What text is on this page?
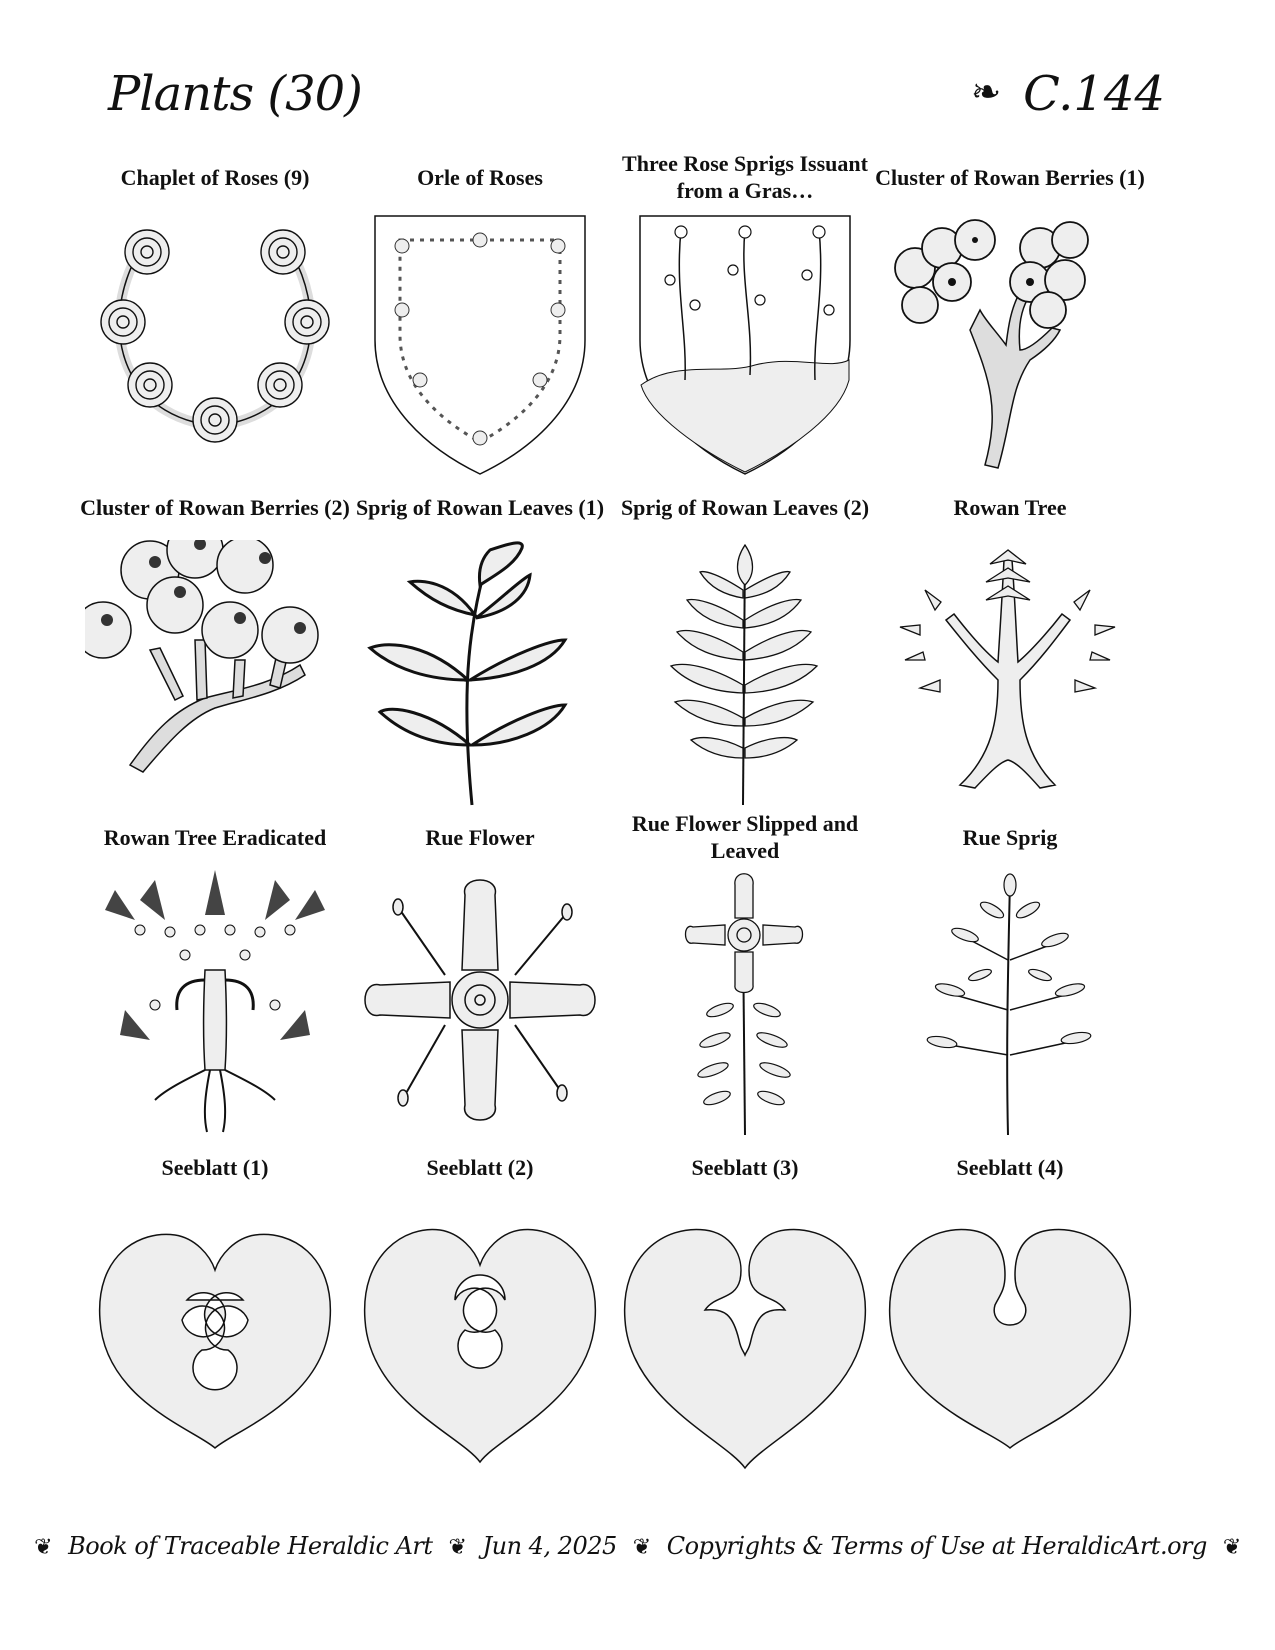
Plants (30)	❧ C.144
Chaplet of Roses (9)	Orle of Roses
Three Rose Sprigs Issuant from a Gras…
Cluster of Rowan Berries (1)
Cluster of Rowan Berries (2) Sprig of Rowan Leaves (1) Sprig of Rowan Leaves (2)	Rowan Tree
Rowan Tree Eradicated	Rue Flower
Rue Flower Slipped and Leaved
Rue Sprig
Seeblatt (1)	Seeblatt (2)	Seeblatt (3)	Seeblatt (4)
❦ Book of Traceable Heraldic Art ❦ Jun 4, 2025 ❦ Copyrights & Terms of Use at HeraldicArt.org ❦
